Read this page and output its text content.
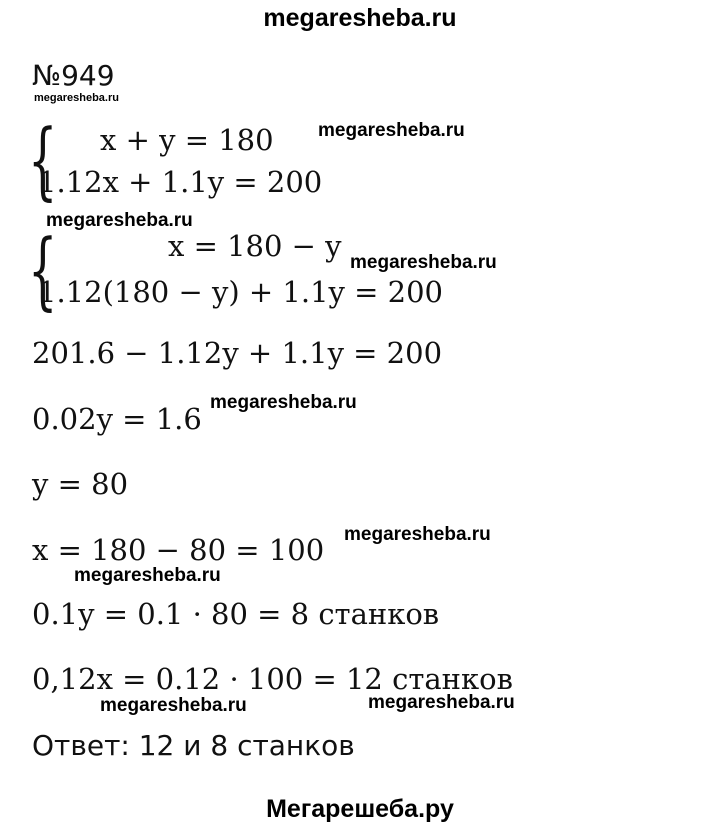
megaresheba.ru
№949
megaresheba.ru
{ x + y = 180
1.12x + 1.1y = 200
megaresheba.ru
megaresheba.ru
{	x = 180 − y
1.12(180 − y) + 1.1y = 200
megaresheba.ru
201.6 − 1.12y + 1.1y = 200
0.02y = 1.6 megaresheba.ru
y = 80
x = 180 − 80 = 100 megaresheba.ru
megaresheba.ru
0.1y = 0.1 · 80 = 8 станков
0,12x = 0.12 · 100 = 12 станков
megaresheba.ru	megaresheba.ru
Ответ: 12 и 8 станков
Мегарешеба.ру
